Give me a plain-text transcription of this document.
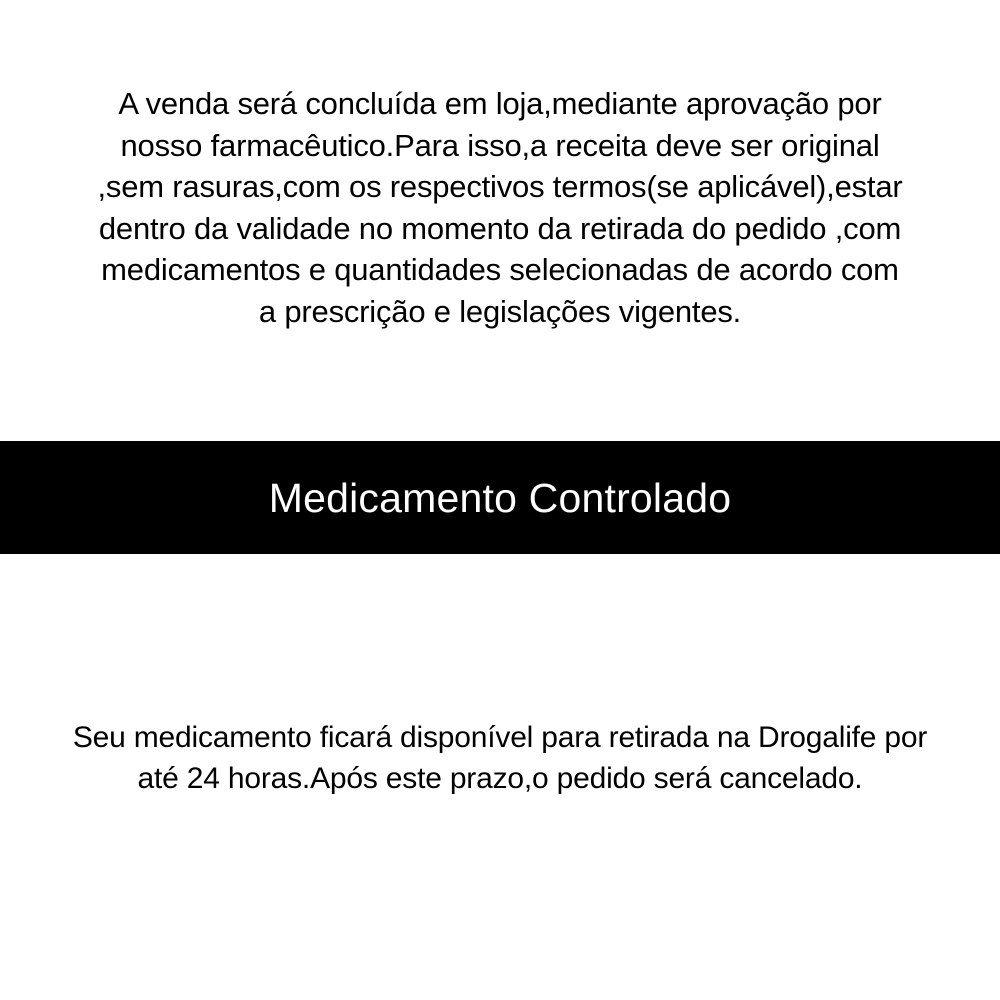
A venda será concluída em loja,mediante aprovação por nosso farmacêutico.Para isso,a receita deve ser original ,sem rasuras,com os respectivos termos(se aplicável),estar dentro da validade no momento da retirada do pedido ,com medicamentos e quantidades selecionadas de acordo com a prescrição e legislações vigentes.

Medicamento Controlado

Seu medicamento ficará disponível para retirada na Drogalife por até 24 horas.Após este prazo,o pedido será cancelado.
